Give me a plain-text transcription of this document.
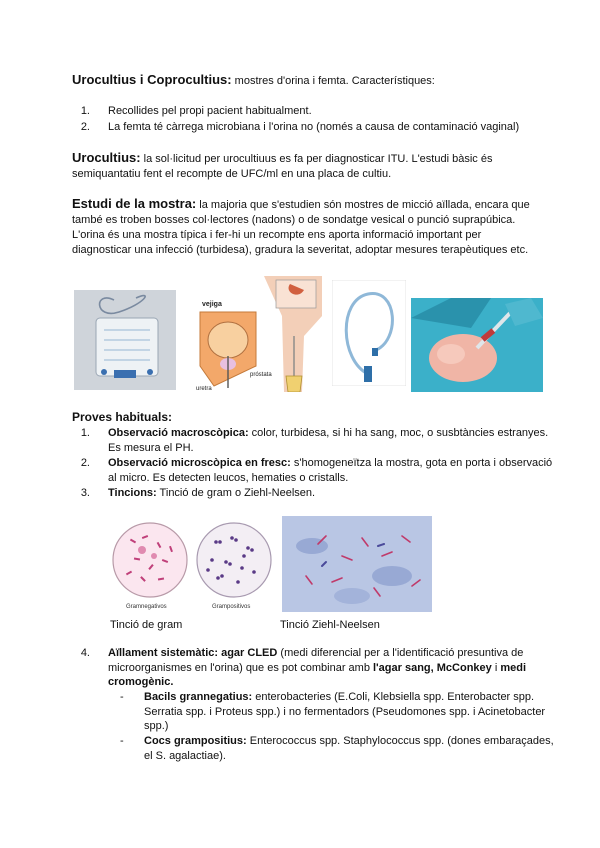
Urocultius i Coprocultius: mostres d'orina i femta. Característiques:

1. Recollides pel propi pacient habitualment.
2. La femta té càrrega microbiana i l'orina no (només a causa de contaminació vaginal)

Urocultius: la sol·licitud per urocultiuus es fa per diagnosticar ITU. L'estudi bàsic és semiquantatiu fent el recompte de UFC/ml en una placa de cultiu.

Estudi de la mostra: la majoria que s'estudien són mostres de micció aïllada, encara que també es troben bosses col·lectores (nadons) o de sondatge vesical o punció suprapúbica. L'orina és una mostra típica i fer-hi un recompte ens aporta informació important per diagnosticar una infecció (turbidesa), gradura la severitat, adoptar mesures terapèutiques etc.

vejiga
próstata
uretra

Proves habituals:

1. Observació macroscòpica: color, turbidesa, si hi ha sang, moc, o susbtàncies estranyes. Es mesura el PH.
2. Observació microscòpica en fresc: s'homogeneïtza la mostra, gota en porta i observació al micro. Es detecten leucos, hematies o cristalls.
3. Tincions: Tinció de gram o Ziehl-Neelsen.
Gramnegativos	Grampositivos
Tinció de gram	Tinció Ziehl-Neelsen
4. Aïllament sistemàtic: agar CLED (medi diferencial per a l'identificació presuntiva de microorganismes en l'orina) que es pot combinar amb l'agar sang, McConkey i medi cromogènic.
- Bacils grannegatius: enterobacteries (E.Coli, Klebsiella spp. Enterobacter spp. Serratia spp. i Proteus spp.) i no fermentadors (Pseudomones spp. i Acinetobacter spp.)
- Cocs grampositius: Enterococcus spp. Staphylococcus spp. (dones embaraçades, el S. agalactiae).
